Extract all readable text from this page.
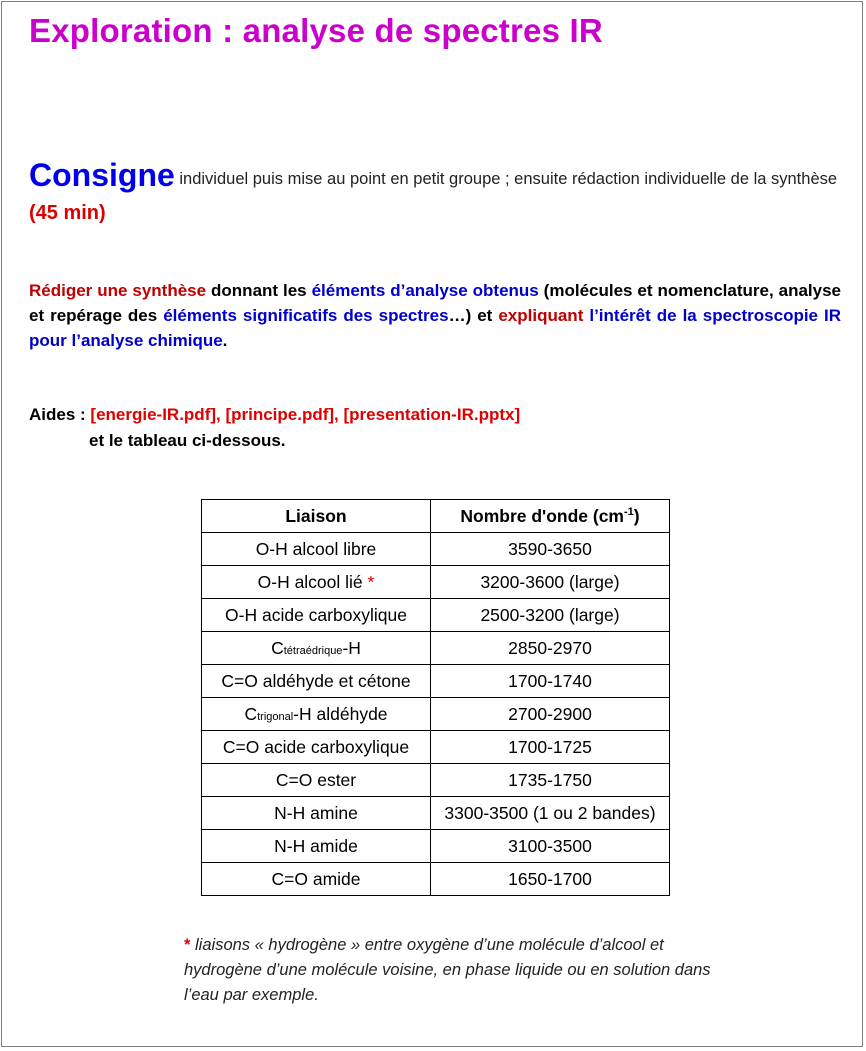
Exploration : analyse de spectres IR
Consigne individuel puis mise au point en petit groupe ; ensuite rédaction individuelle de la synthèse (45 min)
Rédiger une synthèse donnant les éléments d’analyse obtenus (molécules et nomenclature, analyse et repérage des éléments significatifs des spectres…) et expliquant l’intérêt de la spectroscopie IR pour l’analyse chimique.
Aides : [energie-IR.pdf], [principe.pdf], [presentation-IR.pptx]
et le tableau ci-dessous.
Liaison	Nombre d'onde $(cm^{-1})$
O-H alcool libre	3590-3650
O-H alcool lié *	3200-3600 (large)
O-H acide carboxylique	2500-3200 (large)
Ctétraédrique-H	2850-2970
C=O aldéhyde et cétone	1700-1740
Ctrigonal-H aldéhyde	2700-2900
C=O acide carboxylique	1700-1725
C=O ester	1735-1750
N-H amine	3300-3500 (1 ou 2 bandes)
N-H amide	3100-3500
C=O amide	1650-1700
* liaisons « hydrogène » entre oxygène d’une molécule d’alcool et hydrogène d’une molécule voisine, en phase liquide ou en solution dans l’eau par exemple.
